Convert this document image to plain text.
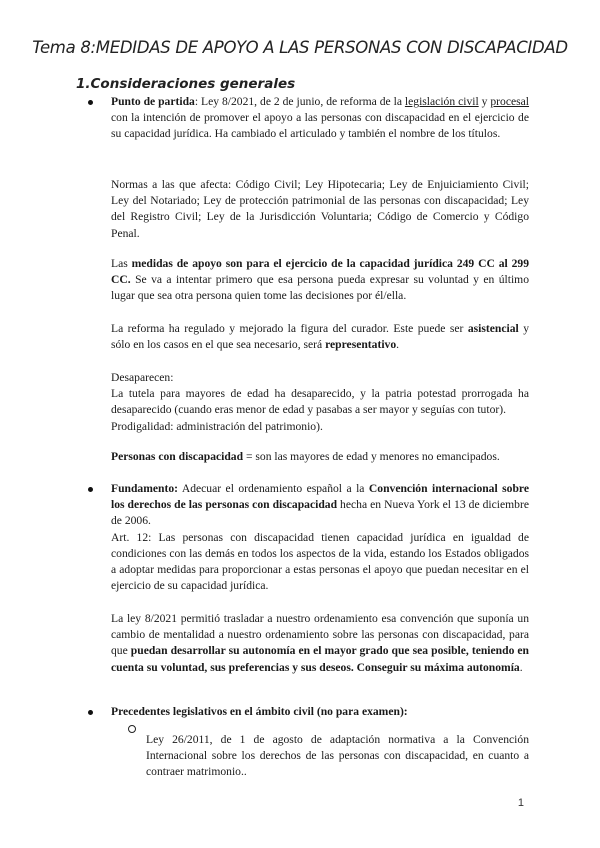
Tema 8:MEDIDAS DE APOYO A LAS PERSONAS CON DISCAPACIDAD
1.Consideraciones generales

Punto de partida: Ley 8/2021, de 2 de junio, de reforma de la legislación civil y procesal con la intención de promover el apoyo a las personas con discapacidad en el ejercicio de su capacidad jurídica. Ha cambiado el articulado y también el nombre de los títulos.

Normas a las que afecta: Código Civil; Ley Hipotecaria; Ley de Enjuiciamiento Civil; Ley del Notariado; Ley de protección patrimonial de las personas con discapacidad; Ley del Registro Civil; Ley de la Jurisdicción Voluntaria; Código de Comercio y Código Penal.

Las medidas de apoyo son para el ejercicio de la capacidad jurídica 249 CC al 299 CC. Se va a intentar primero que esa persona pueda expresar su voluntad y en último lugar que sea otra persona quien tome las decisiones por él/ella.

La reforma ha regulado y mejorado la figura del curador. Este puede ser asistencial y sólo en los casos en el que sea necesario, será representativo.

Desaparecen:

La tutela para mayores de edad ha desaparecido, y la patria potestad prorrogada ha desaparecido (cuando eras menor de edad y pasabas a ser mayor y seguías con tutor).

Prodigalidad: administración del patrimonio).

Personas con discapacidad = son las mayores de edad y menores no emancipados.

Fundamento: Adecuar el ordenamiento español a la Convención internacional sobre los derechos de las personas con discapacidad hecha en Nueva York el 13 de diciembre de 2006.

Art. 12: Las personas con discapacidad tienen capacidad jurídica en igualdad de condiciones con las demás en todos los aspectos de la vida, estando los Estados obligados a adoptar medidas para proporcionar a estas personas el apoyo que puedan necesitar en el ejercicio de su capacidad jurídica.

La ley 8/2021 permitió trasladar a nuestro ordenamiento esa convención que suponía un cambio de mentalidad a nuestro ordenamiento sobre las personas con discapacidad, para que puedan desarrollar su autonomía en el mayor grado que sea posible, teniendo en cuenta su voluntad, sus preferencias y sus deseos. Conseguir su máxima autonomía.

Precedentes legislativos en el ámbito civil (no para examen):

Ley 26/2011, de 1 de agosto de adaptación normativa a la Convención Internacional sobre los derechos de las personas con discapacidad, en cuanto a contraer matrimonio..

1
